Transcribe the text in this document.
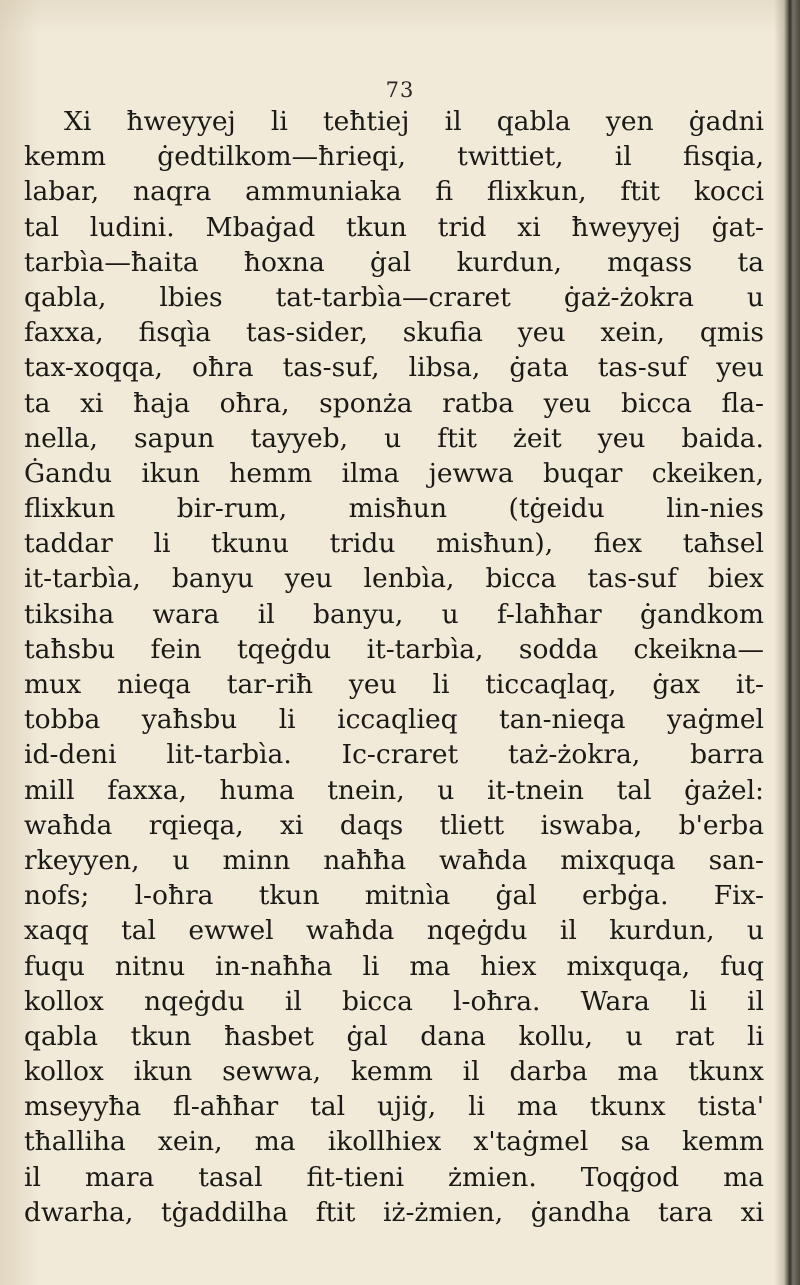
73
Xi ħweyyej li teħtiej il qabla yen ġadni
kemm ġedtilkom—ħrieqi, twittiet, il fisqia,
labar, naqra ammuniaka fi flixkun, ftit kocci
tal ludini. Mbaġad tkun trid xi ħweyyej ġat-
tarbìa—ħaita ħoxna ġal kurdun, mqass ta
qabla, lbies tat-tarbìa—craret ġaż-żokra u
faxxa, fisqìa tas-sider, skufia yeu xein, qmis
tax-xoqqa, oħra tas-suf, libsa, ġata tas-suf yeu
ta xi ħaja oħra, sponża ratba yeu bicca fla-
nella, sapun tayyeb, u ftit żeit yeu baida.
Ġandu ikun hemm ilma jewwa buqar ckeiken,
flixkun bir-rum, misħun (tġeidu lin-nies
taddar li tkunu tridu misħun), fiex taħsel
it-tarbìa, banyu yeu lenbìa, bicca tas-suf biex
tiksiha wara il banyu, u f-laħħar ġandkom
taħsbu fein tqeġdu it-tarbìa, sodda ckeikna—
mux nieqa tar-riħ yeu li ticcaqlaq, ġax it-
tobba yaħsbu li iccaqlieq tan-nieqa yaġmel
id-deni lit-tarbìa. Ic-craret taż-żokra, barra
mill faxxa, huma tnein, u it-tnein tal ġażel:
waħda rqieqa, xi daqs tliett iswaba, b'erba
rkeyyen, u minn naħħa waħda mixquqa san-
nofs; l-oħra tkun mitnìa ġal erbġa. Fix-
xaqq tal ewwel waħda nqeġdu il kurdun, u
fuqu nitnu in-naħħa li ma hiex mixquqa, fuq
kollox nqeġdu il bicca l-oħra. Wara li il
qabla tkun ħasbet ġal dana kollu, u rat li
kollox ikun sewwa, kemm il darba ma tkunx
mseyyħa fl-aħħar tal ujiġ, li ma tkunx tista'
tħalliha xein, ma ikollhiex x'taġmel sa kemm
il mara tasal fit-tieni żmien. Toqġod ma
dwarha, tġaddilha ftit iż-żmien, ġandha tara xi
